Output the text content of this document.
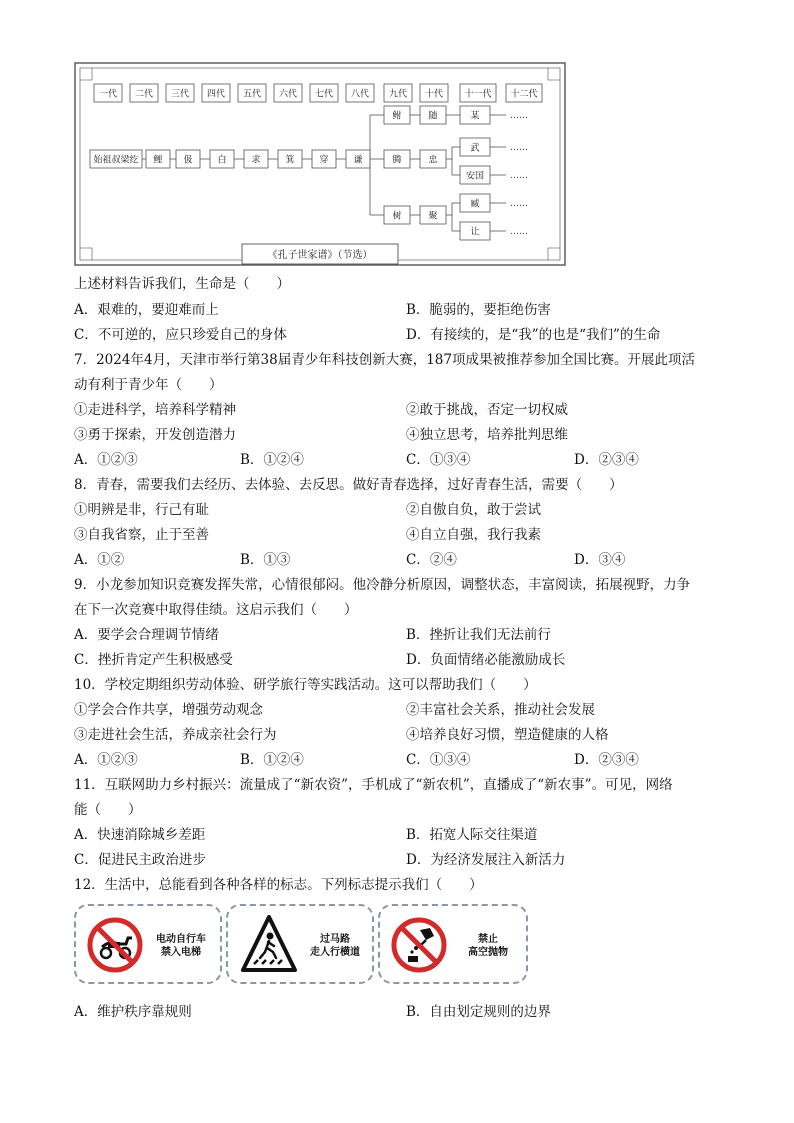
一代 二代 三代 四代 五代 六代 七代 八代 九代 十代 十一代 十二代
始祖叔梁纥 鲤 伋	白	求	箕	穿	谦
鲋	随
腾	忠
树	聚
某	……
武	……
安国	……
臧	……
让	……
《孔子世家谱》（节选）
上述材料告诉我们，生命是（　　）
A．艰难的，要迎难而上	B．脆弱的，要拒绝伤害
C．不可逆的，应只珍爱自己的身体	D．有接续的，是“我”的也是“我们”的生命
7．2024年4月，天津市举行第38届青少年科技创新大赛，187项成果被推荐参加全国比赛。开展此项活
动有利于青少年（　　）
①走进科学，培养科学精神	②敢于挑战，否定一切权威
③勇于探索，开发创造潜力	④独立思考，培养批判思维
A．①②③	B．①②④	C．①③④	D．②③④
8．青春，需要我们去经历、去体验、去反思。做好青春选择，过好青春生活，需要（　　）
①明辨是非，行己有耻	②自傲自负，敢于尝试
③自我省察，止于至善	④自立自强，我行我素
A．①②	B．①③	C．②④	D．③④
9．小龙参加知识竞赛发挥失常，心情很郁闷。他冷静分析原因，调整状态，丰富阅读，拓展视野，力争
在下一次竞赛中取得佳绩。这启示我们（　　）
A．要学会合理调节情绪	B．挫折让我们无法前行
C．挫折肯定产生积极感受	D．负面情绪必能激励成长
10．学校定期组织劳动体验、研学旅行等实践活动。这可以帮助我们（　　）
①学会合作共享，增强劳动观念	②丰富社会关系，推动社会发展
③走进社会生活，养成亲社会行为	④培养良好习惯，塑造健康的人格
A．①②③	B．①②④	C．①③④	D．②③④
11．互联网助力乡村振兴：流量成了“新农资”，手机成了“新农机”，直播成了“新农事”。可见，网络
能（　　）
A．快速消除城乡差距	B．拓宽人际交往渠道
C．促进民主政治进步	D．为经济发展注入新活力
12．生活中，总能看到各种各样的标志。下列标志提示我们（　　）
电动自行车
禁入电梯
过马路
走人行横道
禁止
高空抛物
A．维护秩序靠规则	B．自由划定规则的边界
